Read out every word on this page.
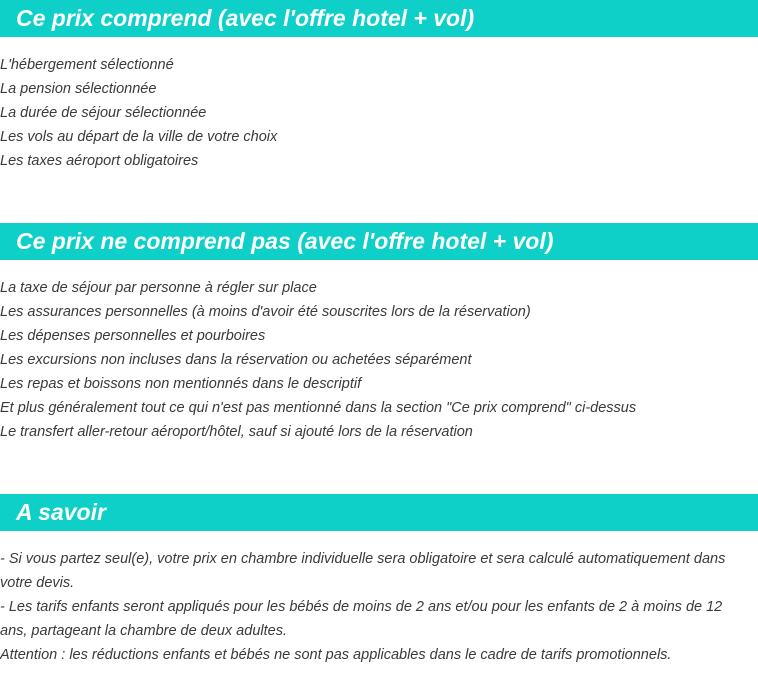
Ce prix comprend (avec l'offre hotel + vol)
L'hébergement sélectionné
La pension sélectionnée
La durée de séjour sélectionnée
Les vols au départ de la ville de votre choix
Les taxes aéroport obligatoires
Ce prix ne comprend pas (avec l'offre hotel + vol)
La taxe de séjour par personne à régler sur place
Les assurances personnelles (à moins d'avoir été souscrites lors de la réservation)
Les dépenses personnelles et pourboires
Les excursions non incluses dans la réservation ou achetées séparément
Les repas et boissons non mentionnés dans le descriptif
Et plus généralement tout ce qui n'est pas mentionné dans la section "Ce prix comprend" ci-dessus
Le transfert aller-retour aéroport/hôtel, sauf si ajouté lors de la réservation
A savoir

- Si vous partez seul(e), votre prix en chambre individuelle sera obligatoire et sera calculé automatiquement dans votre devis.

- Les tarifs enfants seront appliqués pour les bébés de moins de 2 ans et/ou pour les enfants de 2 à moins de 12 ans, partageant la chambre de deux adultes.

Attention : les réductions enfants et bébés ne sont pas applicables dans le cadre de tarifs promotionnels.
